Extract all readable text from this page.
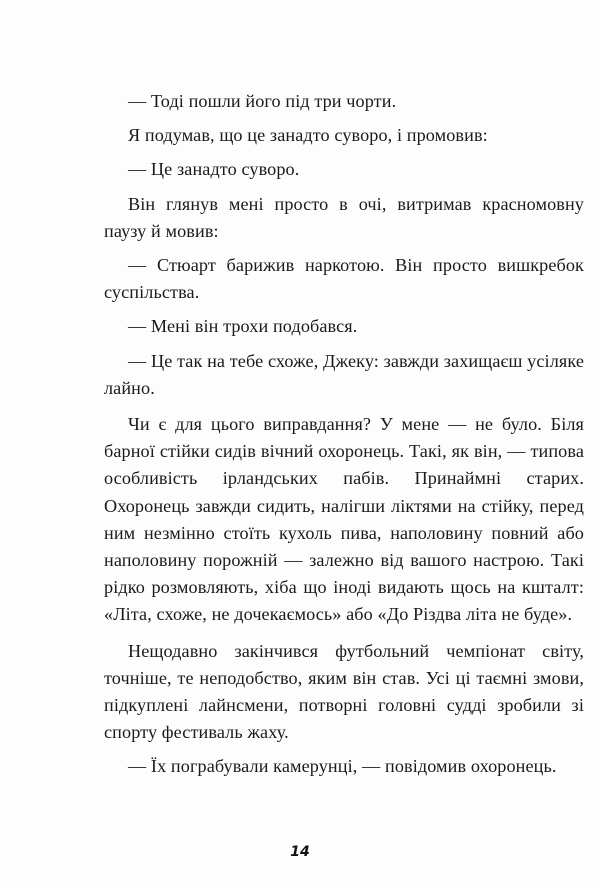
— Тоді пошли його під три чорти.

Я подумав, що це занадто суворо, і промовив:

— Це занадто суворо.

Він глянув мені просто в очі, витримав красномовну паузу й мовив:

— Стюарт барижив наркотою. Він просто вишкребок суспільства.

— Мені він трохи подобався.

— Це так на тебе схоже, Джеку: завжди захищаєш усіляке лайно.

Чи є для цього виправдання? У мене — не було. Біля барної стійки сидів вічний охоронець. Такі, як він, — типова особливість ірландських пабів. Принаймні старих. Охоронець завжди сидить, налігши ліктями на стійку, перед ним незмінно стоїть кухоль пива, наполовину повний або наполовину порожній — залежно від вашого настрою. Такі рідко розмовляють, хіба що іноді видають щось на кшталт: «Літа, схоже, не дочекаємось» або «До Різдва літа не буде».

Нещодавно закінчився футбольний чемпіонат світу, точніше, те неподобство, яким він став. Усі ці таємні змови, підкуплені лайнсмени, потворні головні судді зробили зі спорту фестиваль жаху.

— Їх пограбували камерунці, — повідомив охоронець.

14
